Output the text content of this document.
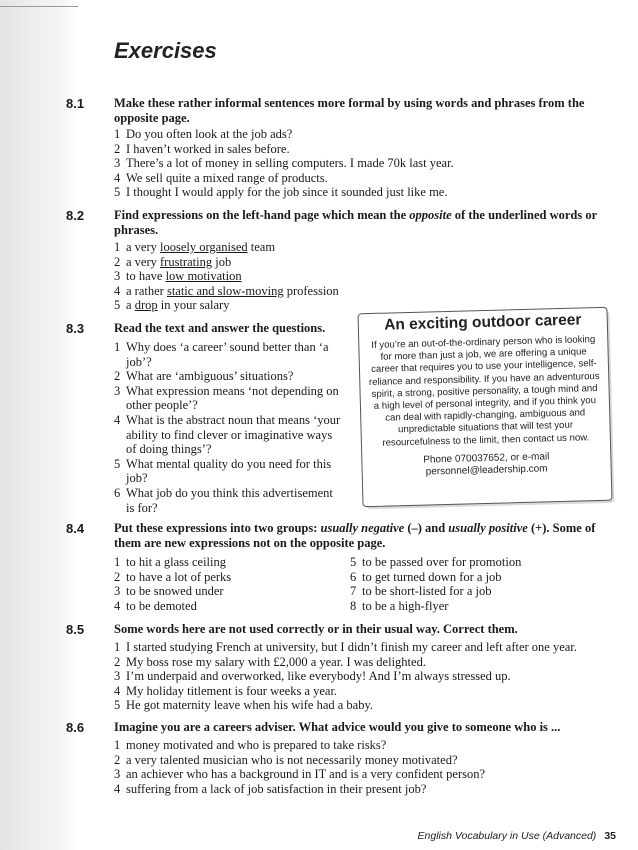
Exercises
8.1	Make these rather informal sentences more formal by using words and phrases from the opposite page.
1 Do you often look at the job ads?
2 I haven’t worked in sales before.
3 There’s a lot of money in selling computers. I made 70k last year.
4 We sell quite a mixed range of products.
5 I thought I would apply for the job since it sounded just like me.
8.2	Find expressions on the left-hand page which mean the opposite of the underlined words or phrases.
1 a very loosely organised team
2 a very frustrating job
3 to have low motivation
4 a rather static and slow-moving profession
5 a drop in your salary
8.3	Read the text and answer the questions.
1 Why does ‘a career’ sound better than ‘a job’?
2 What are ‘ambiguous’ situations?
3 What expression means ‘not depending on other people’?
4 What is the abstract noun that means ‘your ability to find clever or imaginative ways of doing things’?
5 What mental quality do you need for this job?
6 What job do you think this advertisement is for?
An exciting outdoor career
If you’re an out-of-the-ordinary person who is looking for more than just a job, we are offering a unique career that requires you to use your intelligence, self-reliance and responsibility. If you have an adventurous spirit, a strong, positive personality, a tough mind and a high level of personal integrity, and if you think you can deal with rapidly-changing, ambiguous and unpredictable situations that will test your resourcefulness to the limit, then contact us now.
Phone 070037652, or e-mail
personnel@leadership.com
8.4	Put these expressions into two groups: usually negative (–) and usually positive (+). Some of them are new expressions not on the opposite page.
1 to hit a glass ceiling	5 to be passed over for promotion
2 to have a lot of perks	6 to get turned down for a job
3 to be snowed under	7 to be short-listed for a job
4 to be demoted	8 to be a high-flyer
8.5	Some words here are not used correctly or in their usual way. Correct them.
1 I started studying French at university, but I didn’t finish my career and left after one year.
2 My boss rose my salary with £2,000 a year. I was delighted.
3 I’m underpaid and overworked, like everybody! And I’m always stressed up.
4 My holiday titlement is four weeks a year.
5 He got maternity leave when his wife had a baby.
8.6	Imagine you are a careers adviser. What advice would you give to someone who is ...
1 money motivated and who is prepared to take risks?
2 a very talented musician who is not necessarily money motivated?
3 an achiever who has a background in IT and is a very confident person?
4 suffering from a lack of job satisfaction in their present job?
English Vocabulary in Use (Advanced) 35
